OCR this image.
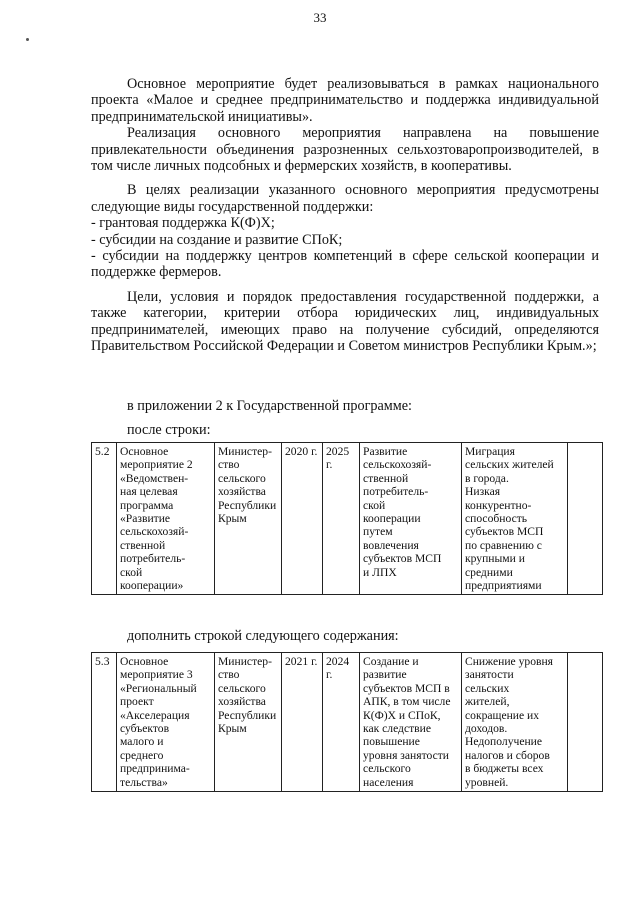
33

Основное мероприятие будет реализовываться в рамках национального проекта «Малое и среднее предпринимательство и поддержка индивидуальной предпринимательской инициативы».

Реализация основного мероприятия направлена на повышение привлекательности объединения разрозненных сельхозтоваропроизводителей, в том числе личных подсобных и фермерских хозяйств, в кооперативы.

В целях реализации указанного основного мероприятия предусмотрены следующие виды государственной поддержки:

- грантовая поддержка К(Ф)Х;
- субсидии на создание и развитие СПоК;

- субсидии на поддержку центров компетенций в сфере сельской кооперации и поддержке фермеров.

Цели, условия и порядок предоставления государственной поддержки, а также категории, критерии отбора юридических лиц, индивидуальных предпринимателей, имеющих право на получение субсидий, определяются Правительством Российской Федерации и Советом министров Республики Крым.»;

в приложении 2 к Государственной программе:
после строки:
5.2	Основное
мероприятие 2
«Ведомствен-
ная целевая
программа
«Развитие
сельскохозяй-
ственной
потребитель-
ской
кооперации»	Министер-
ство
сельского
хозяйства
Республики
Крым	2020 г.	2025 г.	Развитие
сельскохозяй-
ственной
потребитель-
ской
кооперации
путем
вовлечения
субъектов МСП
и ЛПХ	Миграция
сельских жителей
в города.
Низкая
конкурентно-
способность
субъектов МСП
по сравнению с
крупными и
средними
предприятиями	
дополнить строкой следующего содержания:
5.3	Основное
мероприятие 3
«Региональный
проект
«Акселерация
субъектов
малого и
среднего
предпринима-
тельства»	Министер-
ство
сельского
хозяйства
Республики
Крым	2021 г.	2024 г.	Создание и
развитие
субъектов МСП в
АПК, в том числе
К(Ф)Х и СПоК,
как следствие
повышение
уровня занятости
сельского
населения	Снижение уровня
занятости
сельских
жителей,
сокращение их
доходов.
Недополучение
налогов и сборов
в бюджеты всех
уровней.	
